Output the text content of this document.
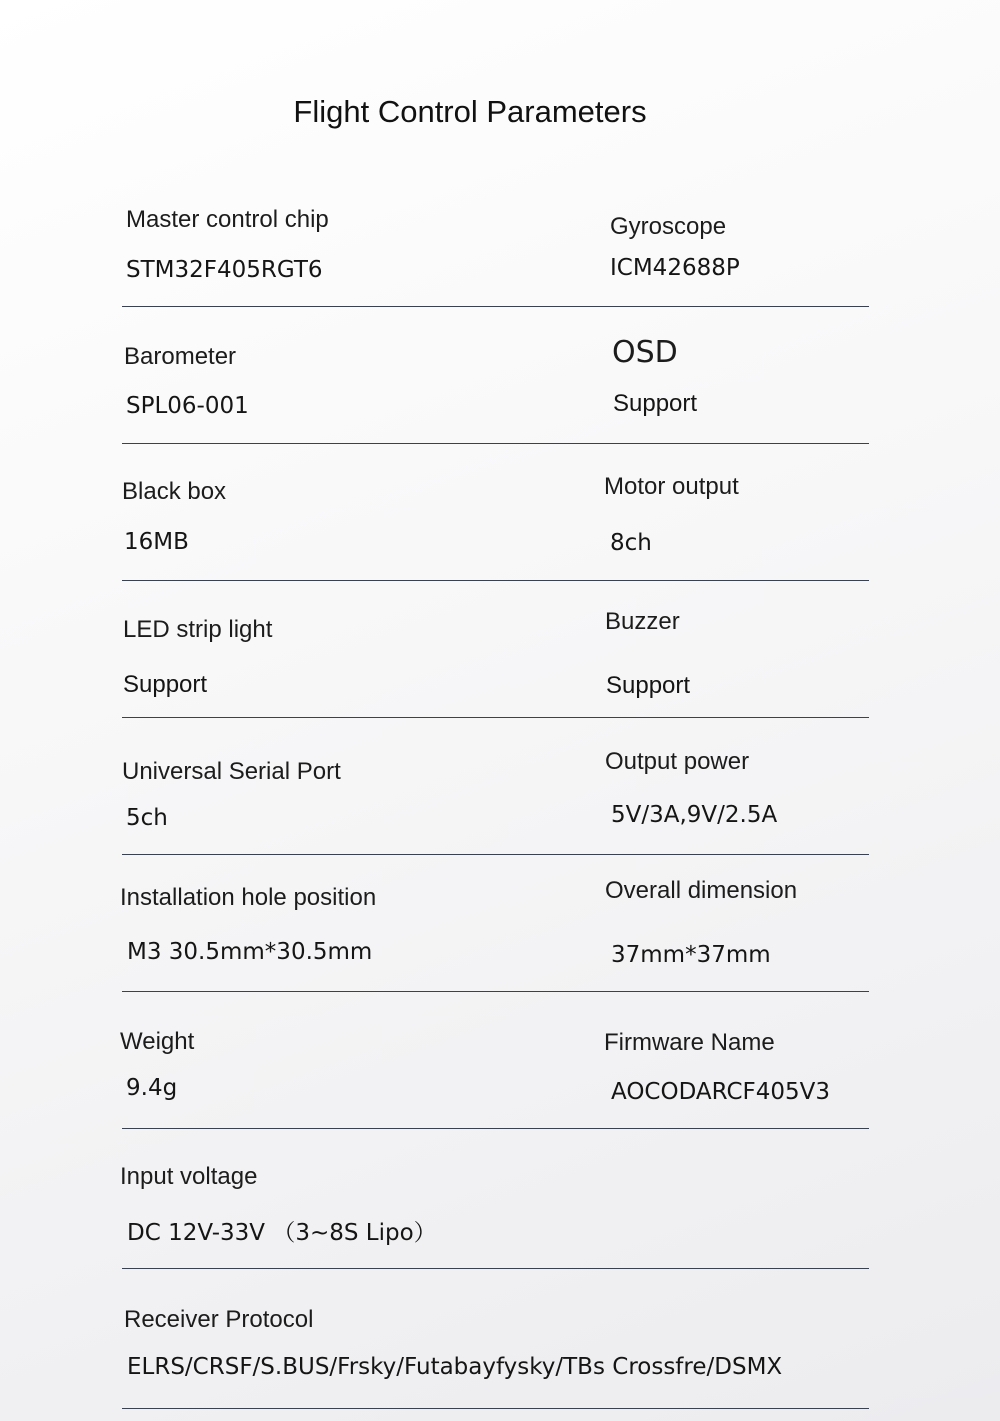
Flight Control Parameters
Master control chip
STM32F405RGT6
Gyroscope
ICM42688P
Barometer
SPL06-001
OSD
Support
Black box
16MB
Motor output
8ch
LED strip light
Support
Buzzer
Support
Universal Serial Port
5ch
Output power
5V/3A,9V/2.5A
Installation hole position
M3 30.5mm*30.5mm
Overall dimension
37mm*37mm
Weight
9.4g
Firmware Name
AOCODARCF405V3
Input voltage
DC 12V-33V （3~8S Lipo）
Receiver Protocol
ELRS/CRSF/S.BUS/Frsky/Futabayfysky/TBs Crossfre/DSMX
